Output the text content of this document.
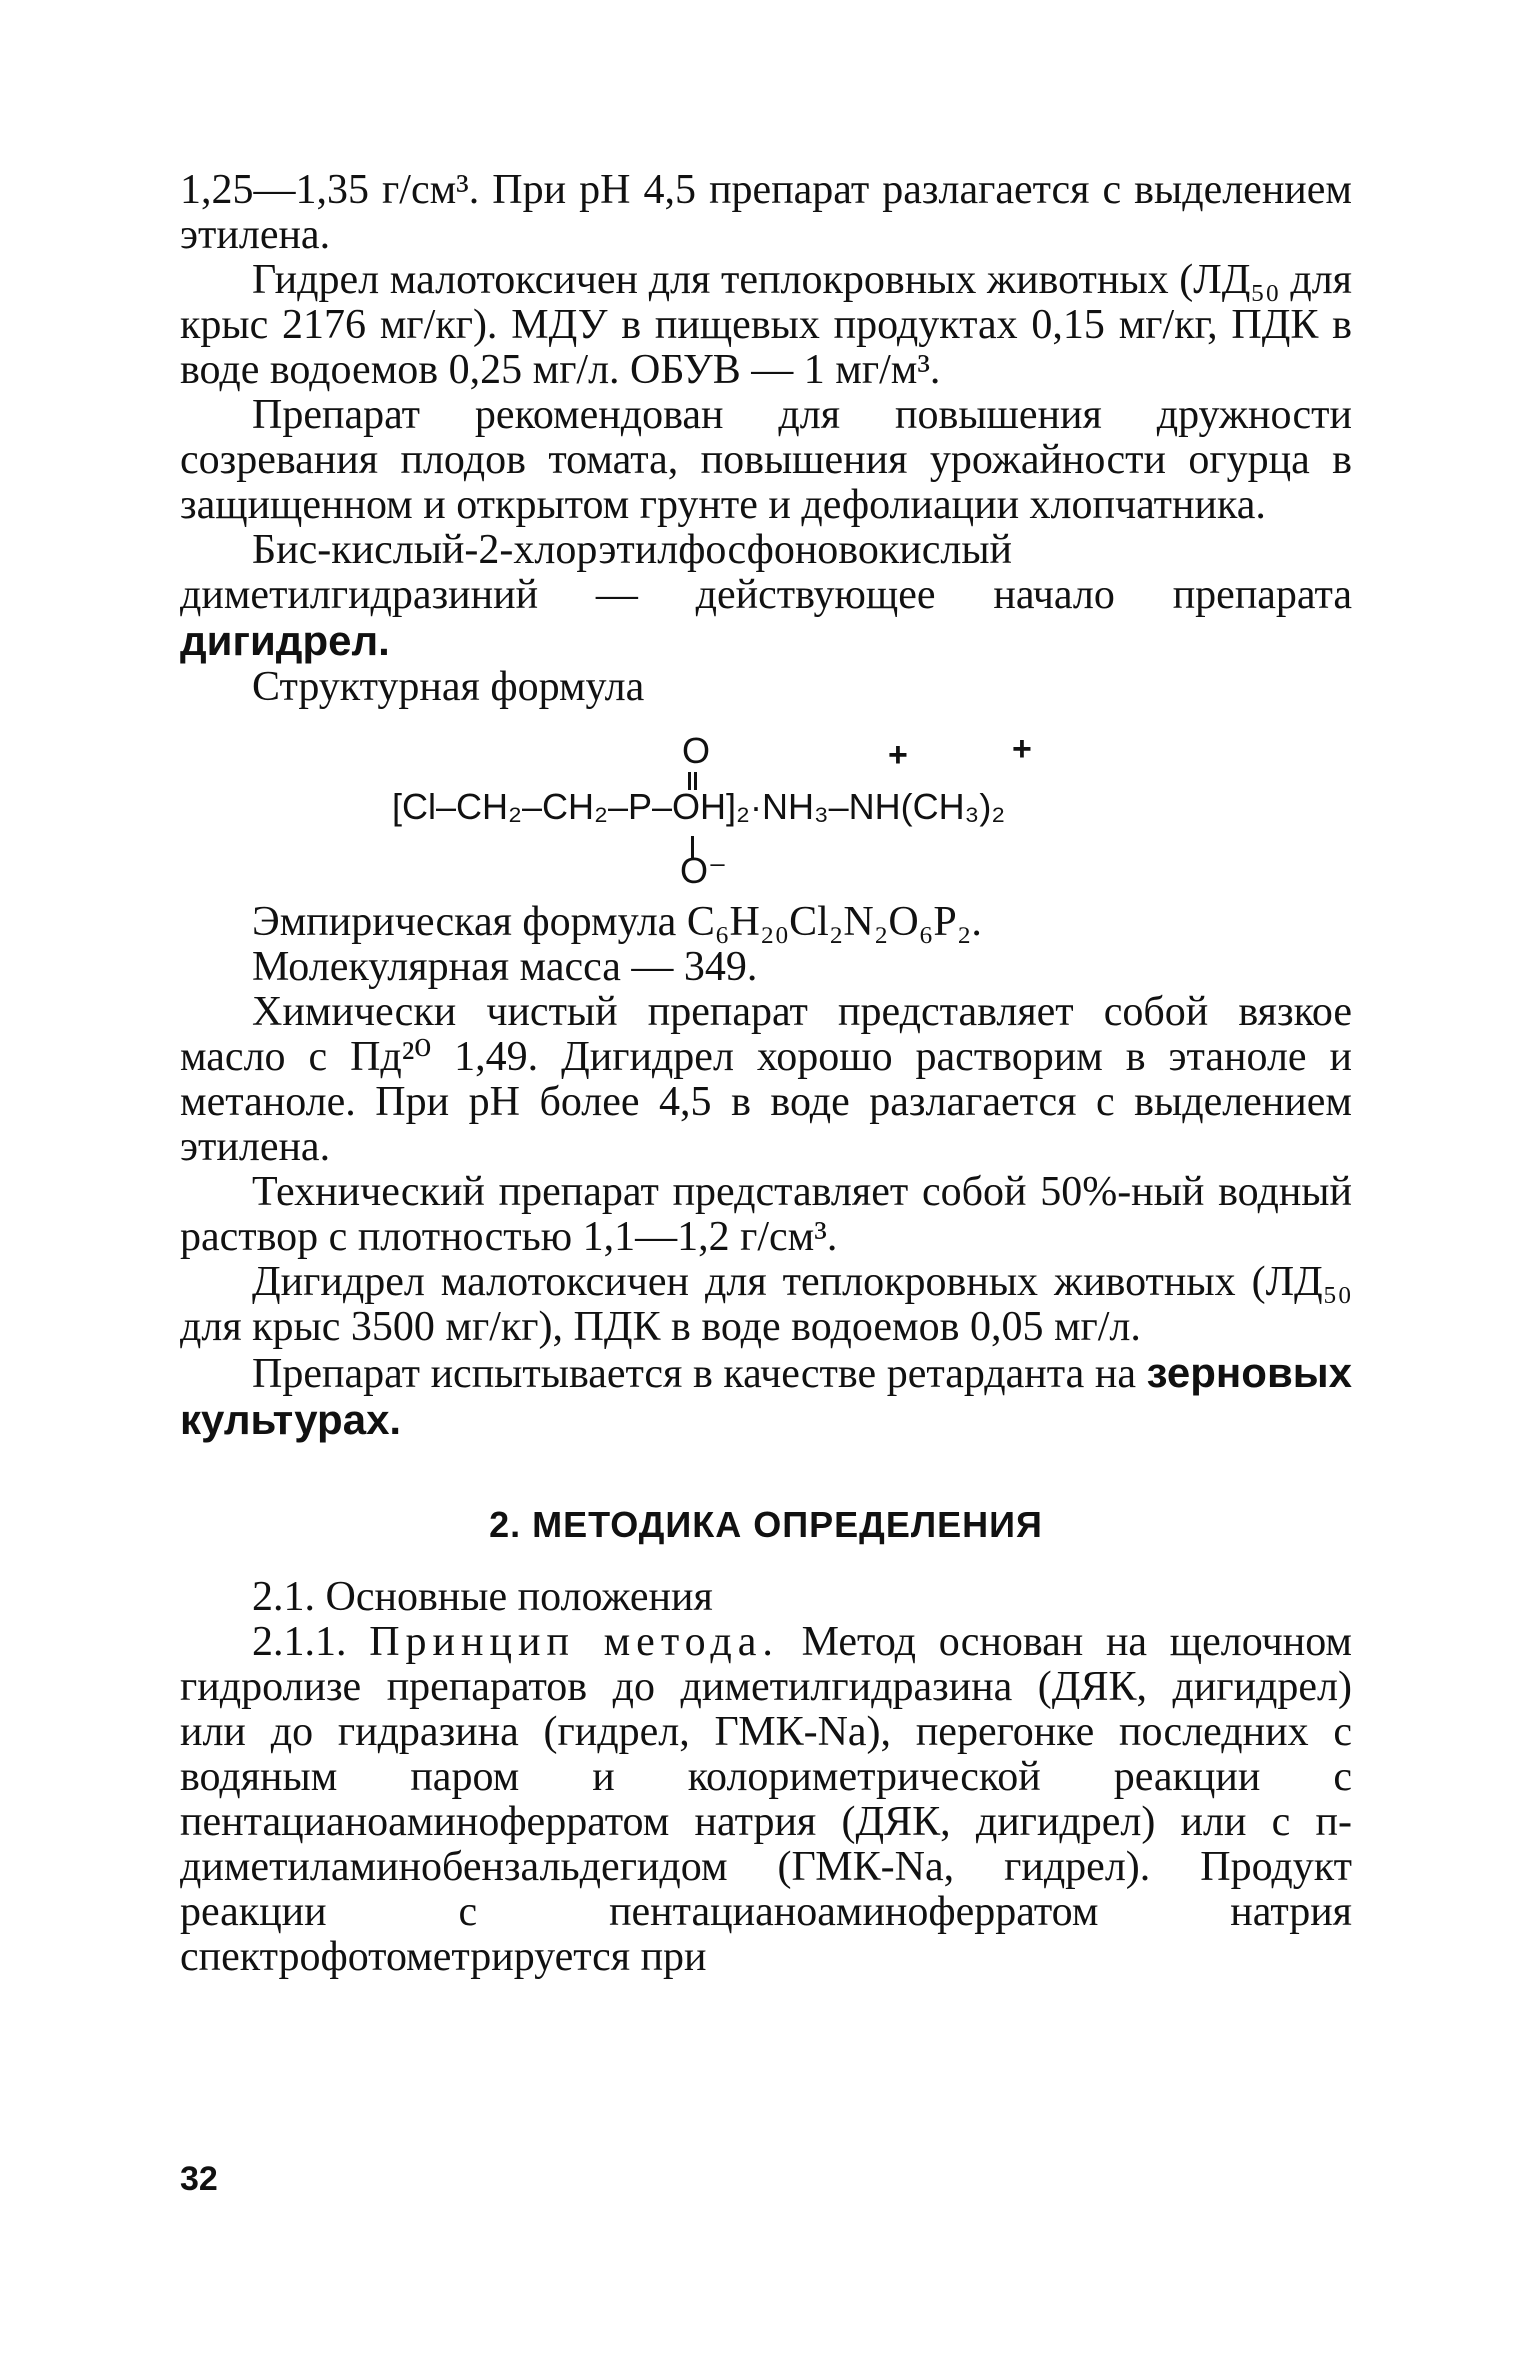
1,25—1,35 г/см³. При pH 4,5 препарат разлагается с выделением этилена.

Гидрел малотоксичен для теплокровных животных (ЛД₅₀ для крыс 2176 мг/кг). МДУ в пищевых продуктах 0,15 мг/кг, ПДК в воде водоемов 0,25 мг/л. ОБУВ — 1 мг/м³.

Препарат рекомендован для повышения дружности созревания плодов томата, повышения урожайности огурца в защищенном и открытом грунте и дефолиации хлопчатника.

Бис-кислый-2-хлорэтилфосфоновокислый диметилгидразиний — действующее начало препарата дигидрел.

Структурная формула

O	+	+
[Cl–CH₂–CH₂–P–OH]₂·NH₃–NH(CH₃)₂
O⁻

Эмпирическая формула C₆H₂₀Cl₂N₂O₆P₂.

Молекулярная масса — 349.

Химически чистый препарат представляет собой вязкое масло с Пд²⁰ 1,49. Дигидрел хорошо растворим в этаноле и метаноле. При pH более 4,5 в воде разлагается с выделением этилена.

Технический препарат представляет собой 50%-ный водный раствор с плотностью 1,1—1,2 г/см³.

Дигидрел малотоксичен для теплокровных животных (ЛД₅₀ для крыс 3500 мг/кг), ПДК в воде водоемов 0,05 мг/л.

Препарат испытывается в качестве ретарданта на зерновых культурах.

2. МЕТОДИКА ОПРЕДЕЛЕНИЯ

2.1. Основные положения

2.1.1. Принцип метода. Метод основан на щелочном гидролизе препаратов до диметилгидразина (ДЯК, дигидрел) или до гидразина (гидрел, ГМК-Na), перегонке последних с водяным паром и колориметрической реакции с пентацианоаминоферратом натрия (ДЯК, дигидрел) или с п-диметиламинобензальдегидом (ГМК-Na, гидрел). Продукт реакции с пентацианоаминоферратом натрия спектрофотометрируется при

32
